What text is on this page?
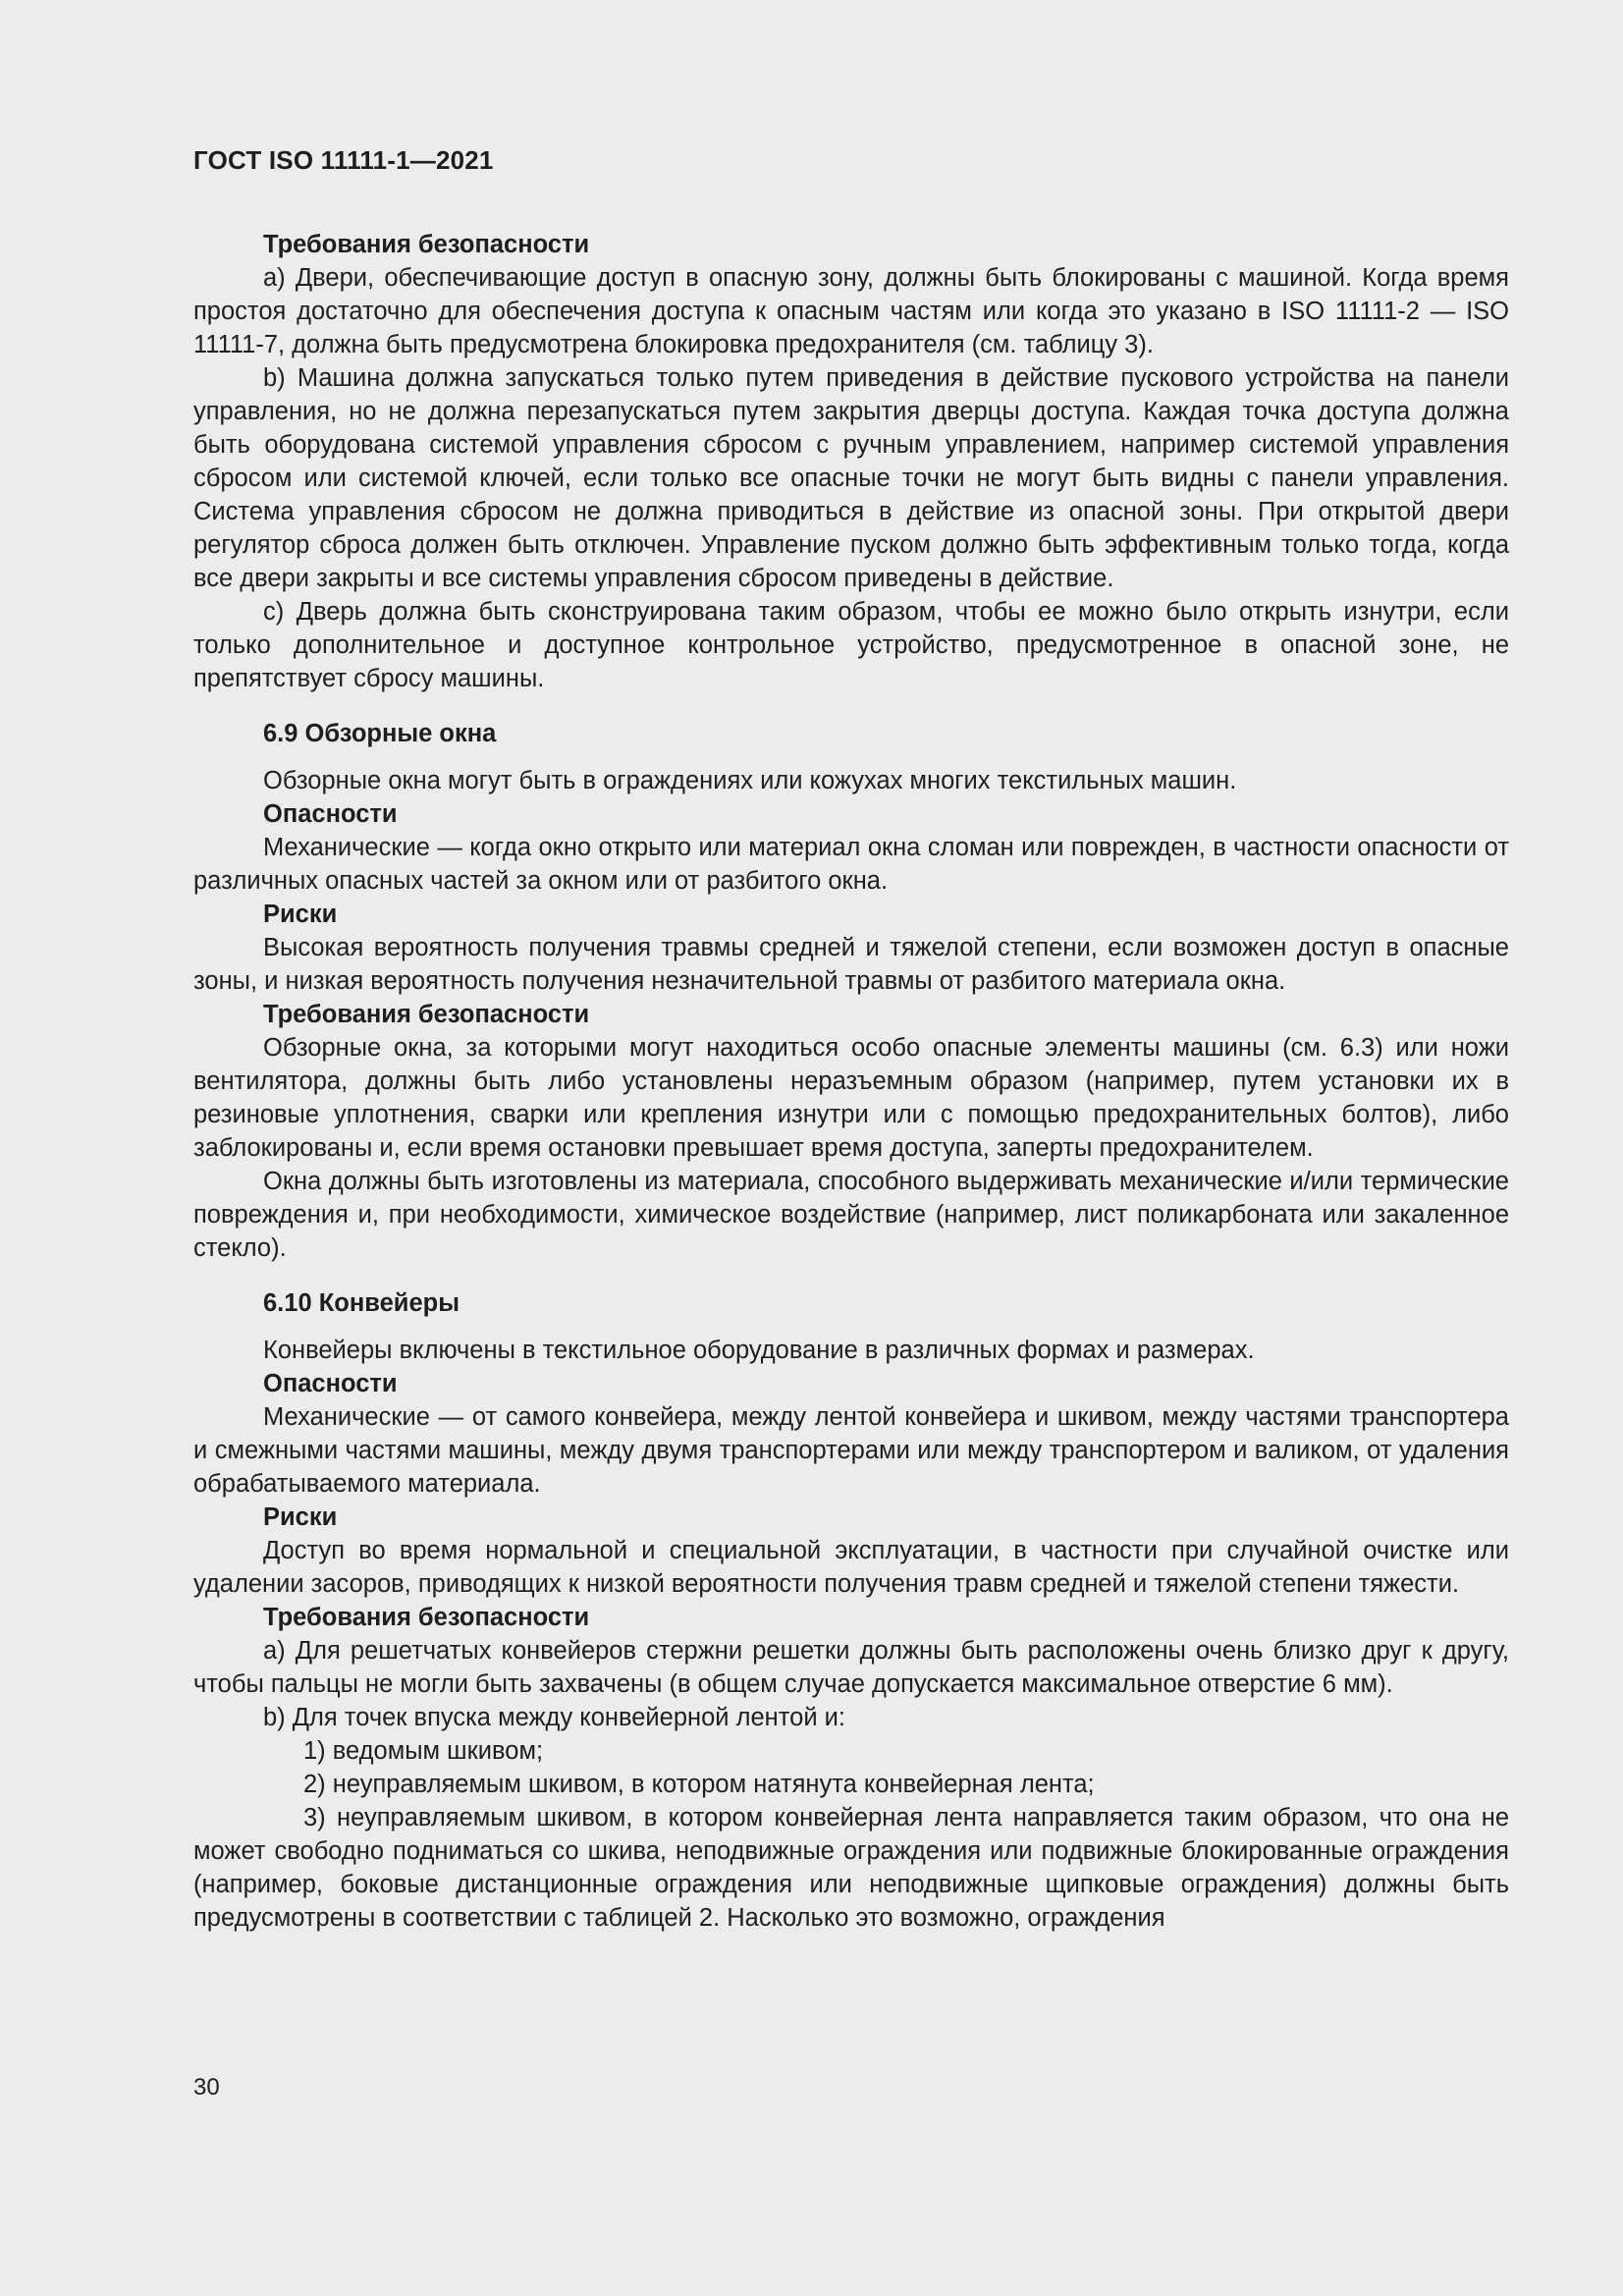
ГОСТ ISO 11111-1—2021

Требования безопасности

a) Двери, обеспечивающие доступ в опасную зону, должны быть блокированы с машиной. Когда время простоя достаточно для обеспечения доступа к опасным частям или когда это указано в ISO 11111-2 — ISO 11111-7, должна быть предусмотрена блокировка предохранителя (см. таблицу 3).

b) Машина должна запускаться только путем приведения в действие пускового устройства на панели управления, но не должна перезапускаться путем закрытия дверцы доступа. Каждая точка доступа должна быть оборудована системой управления сбросом с ручным управлением, например системой управления сбросом или системой ключей, если только все опасные точки не могут быть видны с панели управления. Система управления сбросом не должна приводиться в действие из опасной зоны. При открытой двери регулятор сброса должен быть отключен. Управление пуском должно быть эффективным только тогда, когда все двери закрыты и все системы управления сбросом приведены в действие.

c) Дверь должна быть сконструирована таким образом, чтобы ее можно было открыть изнутри, если только дополнительное и доступное контрольное устройство, предусмотренное в опасной зоне, не препятствует сбросу машины.

6.9 Обзорные окна

Обзорные окна могут быть в ограждениях или кожухах многих текстильных машин.

Опасности

Механические — когда окно открыто или материал окна сломан или поврежден, в частности опасности от различных опасных частей за окном или от разбитого окна.

Риски

Высокая вероятность получения травмы средней и тяжелой степени, если возможен доступ в опасные зоны, и низкая вероятность получения незначительной травмы от разбитого материала окна.

Требования безопасности

Обзорные окна, за которыми могут находиться особо опасные элементы машины (см. 6.3) или ножи вентилятора, должны быть либо установлены неразъемным образом (например, путем установки их в резиновые уплотнения, сварки или крепления изнутри или с помощью предохранительных болтов), либо заблокированы и, если время остановки превышает время доступа, заперты предохранителем.

Окна должны быть изготовлены из материала, способного выдерживать механические и/или термические повреждения и, при необходимости, химическое воздействие (например, лист поликарбоната или закаленное стекло).

6.10 Конвейеры

Конвейеры включены в текстильное оборудование в различных формах и размерах.

Опасности

Механические — от самого конвейера, между лентой конвейера и шкивом, между частями транспортера и смежными частями машины, между двумя транспортерами или между транспортером и валиком, от удаления обрабатываемого материала.

Риски

Доступ во время нормальной и специальной эксплуатации, в частности при случайной очистке или удалении засоров, приводящих к низкой вероятности получения травм средней и тяжелой степени тяжести.

Требования безопасности

a) Для решетчатых конвейеров стержни решетки должны быть расположены очень близко друг к другу, чтобы пальцы не могли быть захвачены (в общем случае допускается максимальное отверстие 6 мм).

b) Для точек впуска между конвейерной лентой и:

1) ведомым шкивом;

2) неуправляемым шкивом, в котором натянута конвейерная лента;

3) неуправляемым шкивом, в котором конвейерная лента направляется таким образом, что она не может свободно подниматься со шкива, неподвижные ограждения или подвижные блокированные ограждения (например, боковые дистанционные ограждения или неподвижные щипковые ограждения) должны быть предусмотрены в соответствии с таблицей 2. Насколько это возможно, ограждения

30
